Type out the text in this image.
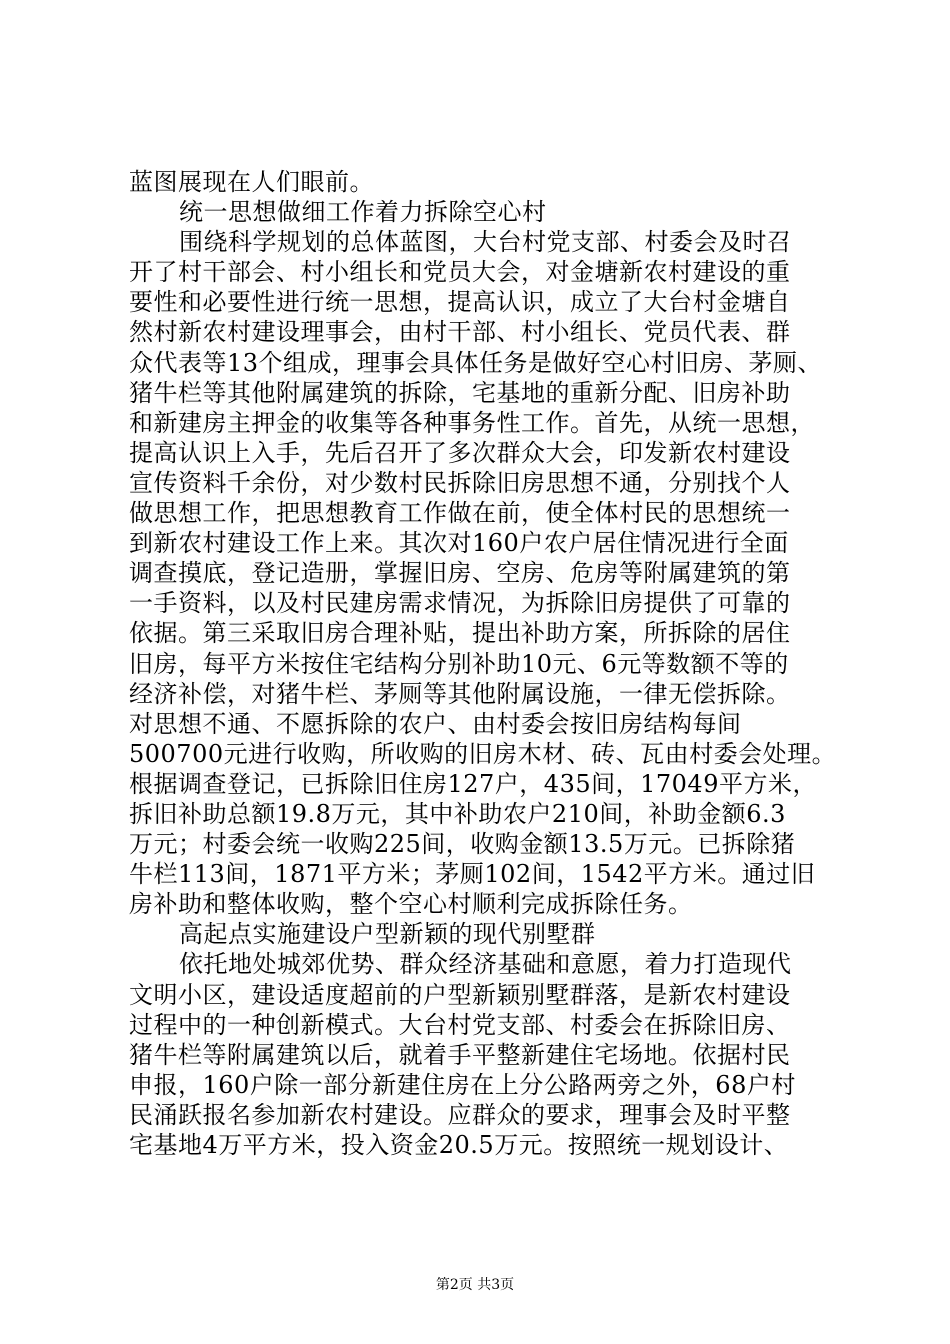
蓝图展现在人们眼前。
统一思想做细工作着力拆除空心村
围绕科学规划的总体蓝图，大台村党支部、村委会及时召
开了村干部会、村小组长和党员大会，对金塘新农村建设的重
要性和必要性进行统一思想，提高认识，成立了大台村金塘自
然村新农村建设理事会，由村干部、村小组长、党员代表、群
众代表等13个组成，理事会具体任务是做好空心村旧房、茅厕、
猪牛栏等其他附属建筑的拆除，宅基地的重新分配、旧房补助
和新建房主押金的收集等各种事务性工作。首先，从统一思想，
提高认识上入手，先后召开了多次群众大会，印发新农村建设
宣传资料千余份，对少数村民拆除旧房思想不通，分别找个人
做思想工作，把思想教育工作做在前，使全体村民的思想统一
到新农村建设工作上来。其次对160户农户居住情况进行全面
调查摸底，登记造册，掌握旧房、空房、危房等附属建筑的第
一手资料，以及村民建房需求情况，为拆除旧房提供了可靠的
依据。第三采取旧房合理补贴，提出补助方案，所拆除的居住
旧房，每平方米按住宅结构分别补助10元、6元等数额不等的
经济补偿，对猪牛栏、茅厕等其他附属设施，一律无偿拆除。
对思想不通、不愿拆除的农户、由村委会按旧房结构每间
500700元进行收购，所收购的旧房木材、砖、瓦由村委会处理。
根据调查登记，已拆除旧住房127户，435间，17049平方米，
拆旧补助总额19.8万元，其中补助农户210间，补助金额6.3
万元；村委会统一收购225间，收购金额13.5万元。已拆除猪
牛栏113间，1871平方米；茅厕102间，1542平方米。通过旧
房补助和整体收购，整个空心村顺利完成拆除任务。
高起点实施建设户型新颖的现代别墅群
依托地处城郊优势、群众经济基础和意愿，着力打造现代
文明小区，建设适度超前的户型新颖别墅群落，是新农村建设
过程中的一种创新模式。大台村党支部、村委会在拆除旧房、
猪牛栏等附属建筑以后，就着手平整新建住宅场地。依据村民
申报，160户除一部分新建住房在上分公路两旁之外，68户村
民涌跃报名参加新农村建设。应群众的要求，理事会及时平整
宅基地4万平方米，投入资金20.5万元。按照统一规划设计、
第2页 共3页
